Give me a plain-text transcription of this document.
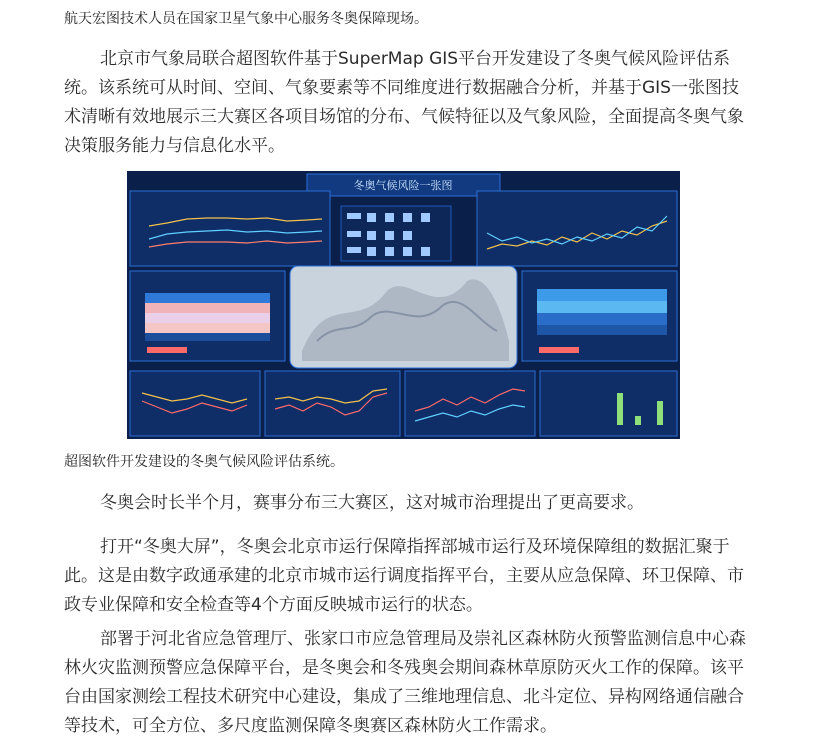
航天宏图技术人员在国家卫星气象中心服务冬奥保障现场。
北京市气象局联合超图软件基于SuperMap GIS平台开发建设了冬奥气候风险评估系统。该系统可从时间、空间、气象要素等不同维度进行数据融合分析，并基于GIS一张图技术清晰有效地展示三大赛区各项目场馆的分布、气候特征以及气象风险，全面提高冬奥气象决策服务能力与信息化水平。
冬奥气候风险一张图
超图软件开发建设的冬奥气候风险评估系统。
冬奥会时长半个月，赛事分布三大赛区，这对城市治理提出了更高要求。
打开“冬奥大屏”，冬奥会北京市运行保障指挥部城市运行及环境保障组的数据汇聚于此。这是由数字政通承建的北京市城市运行调度指挥平台，主要从应急保障、环卫保障、市政专业保障和安全检查等4个方面反映城市运行的状态。
部署于河北省应急管理厅、张家口市应急管理局及崇礼区森林防火预警监测信息中心森林火灾监测预警应急保障平台，是冬奥会和冬残奥会期间森林草原防灭火工作的保障。该平台由国家测绘工程技术研究中心建设，集成了三维地理信息、北斗定位、异构网络通信融合等技术，可全方位、多尺度监测保障冬奥赛区森林防火工作需求。
